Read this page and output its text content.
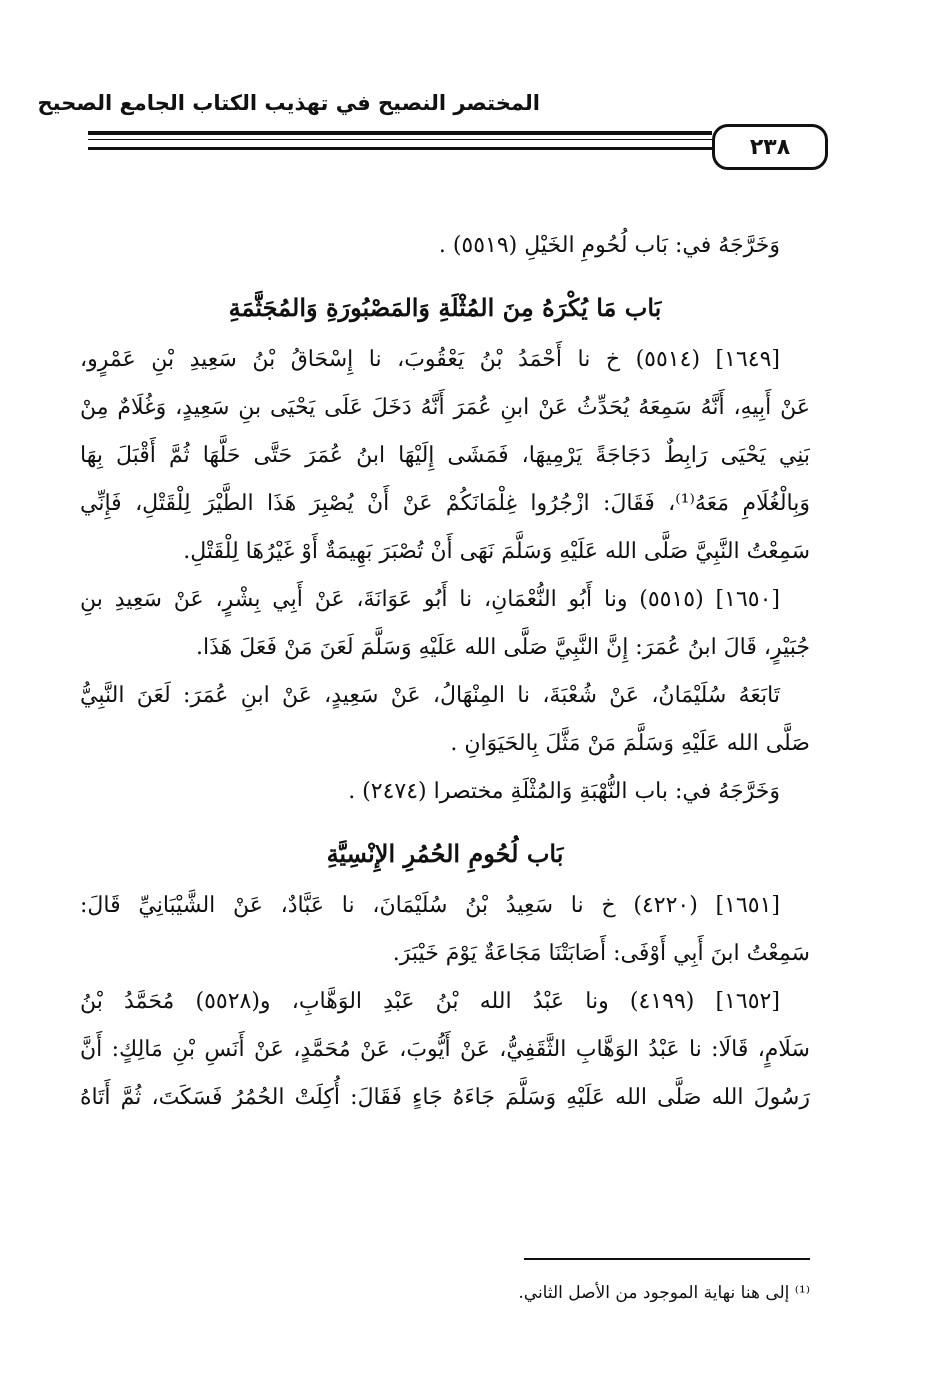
المختصر النصيح في تهذيب الكتاب الجامع الصحيح
٢٣٨
وَخَرَّجَهُ في: بَاب لُحُومِ الخَيْلِ (٥٥١٩) .
بَاب مَا يُكْرَهُ مِنَ المُثْلَةِ وَالمَصْبُورَةِ وَالمُجَثَّمَةِ
[١٦٤٩] (٥٥١٤) خ نا أَحْمَدُ بْنُ يَعْقُوبَ، نا إِسْحَاقُ بْنُ سَعِيدِ بْنِ عَمْرٍو،
عَنْ أَبِيهِ، أَنَّهُ سَمِعَهُ يُحَدِّثُ عَنْ ابنِ عُمَرَ أَنَّهُ دَخَلَ عَلَى يَحْيَى بنِ سَعِيدٍ، وَغُلَامٌ مِنْ
بَنِي يَحْيَى رَابِطٌ دَجَاجَةً يَرْمِيهَا، فَمَشَى إِلَيْهَا ابنُ عُمَرَ حَتَّى حَلَّهَا ثُمَّ أَقْبَلَ بِهَا
وَبِالْغُلَامِ مَعَهُ⁽¹⁾، فَقَالَ: ازْجُرُوا غِلْمَانَكُمْ عَنْ أَنْ يُصْبِرَ هَذَا الطَّيْرَ لِلْقَتْلِ، فَإِنِّي
سَمِعْتُ النَّبِيَّ صَلَّى الله عَلَيْهِ وَسَلَّمَ نَهَى أَنْ تُصْبَرَ بَهِيمَةٌ أَوْ غَيْرُهَا لِلْقَتْلِ.
[١٦٥٠] (٥٥١٥) ونا أَبُو النُّعْمَانِ، نا أَبُو عَوَانَةَ، عَنْ أَبِي بِشْرٍ، عَنْ سَعِيدِ بنِ
جُبَيْرٍ، قَالَ ابنُ عُمَرَ: إِنَّ النَّبِيَّ صَلَّى الله عَلَيْهِ وَسَلَّمَ لَعَنَ مَنْ فَعَلَ هَذَا.
تَابَعَهُ سُلَيْمَانُ، عَنْ شُعْبَةَ، نا المِنْهَالُ، عَنْ سَعِيدٍ، عَنْ ابنِ عُمَرَ: لَعَنَ النَّبِيُّ
صَلَّى الله عَلَيْهِ وَسَلَّمَ مَنْ مَثَّلَ بِالحَيَوَانِ .
وَخَرَّجَهُ في: باب النُّهْبَةِ وَالمُثْلَةِ مختصرا (٢٤٧٤) .
بَاب لُحُومِ الحُمُرِ الإِنْسِيَّةِ
[١٦٥١] (٤٢٢٠) خ نا سَعِيدُ بْنُ سُلَيْمَانَ، نا عَبَّادٌ، عَنْ الشَّيْبَانِيِّ قَالَ:
سَمِعْتُ ابنَ أَبِي أَوْفَى: أَصَابَتْنَا مَجَاعَةٌ يَوْمَ خَيْبَرَ.
[١٦٥٢] (٤١٩٩) ونا عَبْدُ الله بْنُ عَبْدِ الوَهَّابِ، و(٥٥٢٨) مُحَمَّدُ بْنُ
سَلَامٍ، قَالَا: نا عَبْدُ الوَهَّابِ الثَّقَفِيُّ، عَنْ أَيُّوبَ، عَنْ مُحَمَّدٍ، عَنْ أَنَسِ بْنِ مَالِكٍ: أَنَّ
رَسُولَ الله صَلَّى الله عَلَيْهِ وَسَلَّمَ جَاءَهُ جَاءٍ فَقَالَ: أُكِلَتْ الحُمُرُ فَسَكَتَ، ثُمَّ أَتَاهُ
⁽¹⁾ إلى هنا نهاية الموجود من الأصل الثاني.
